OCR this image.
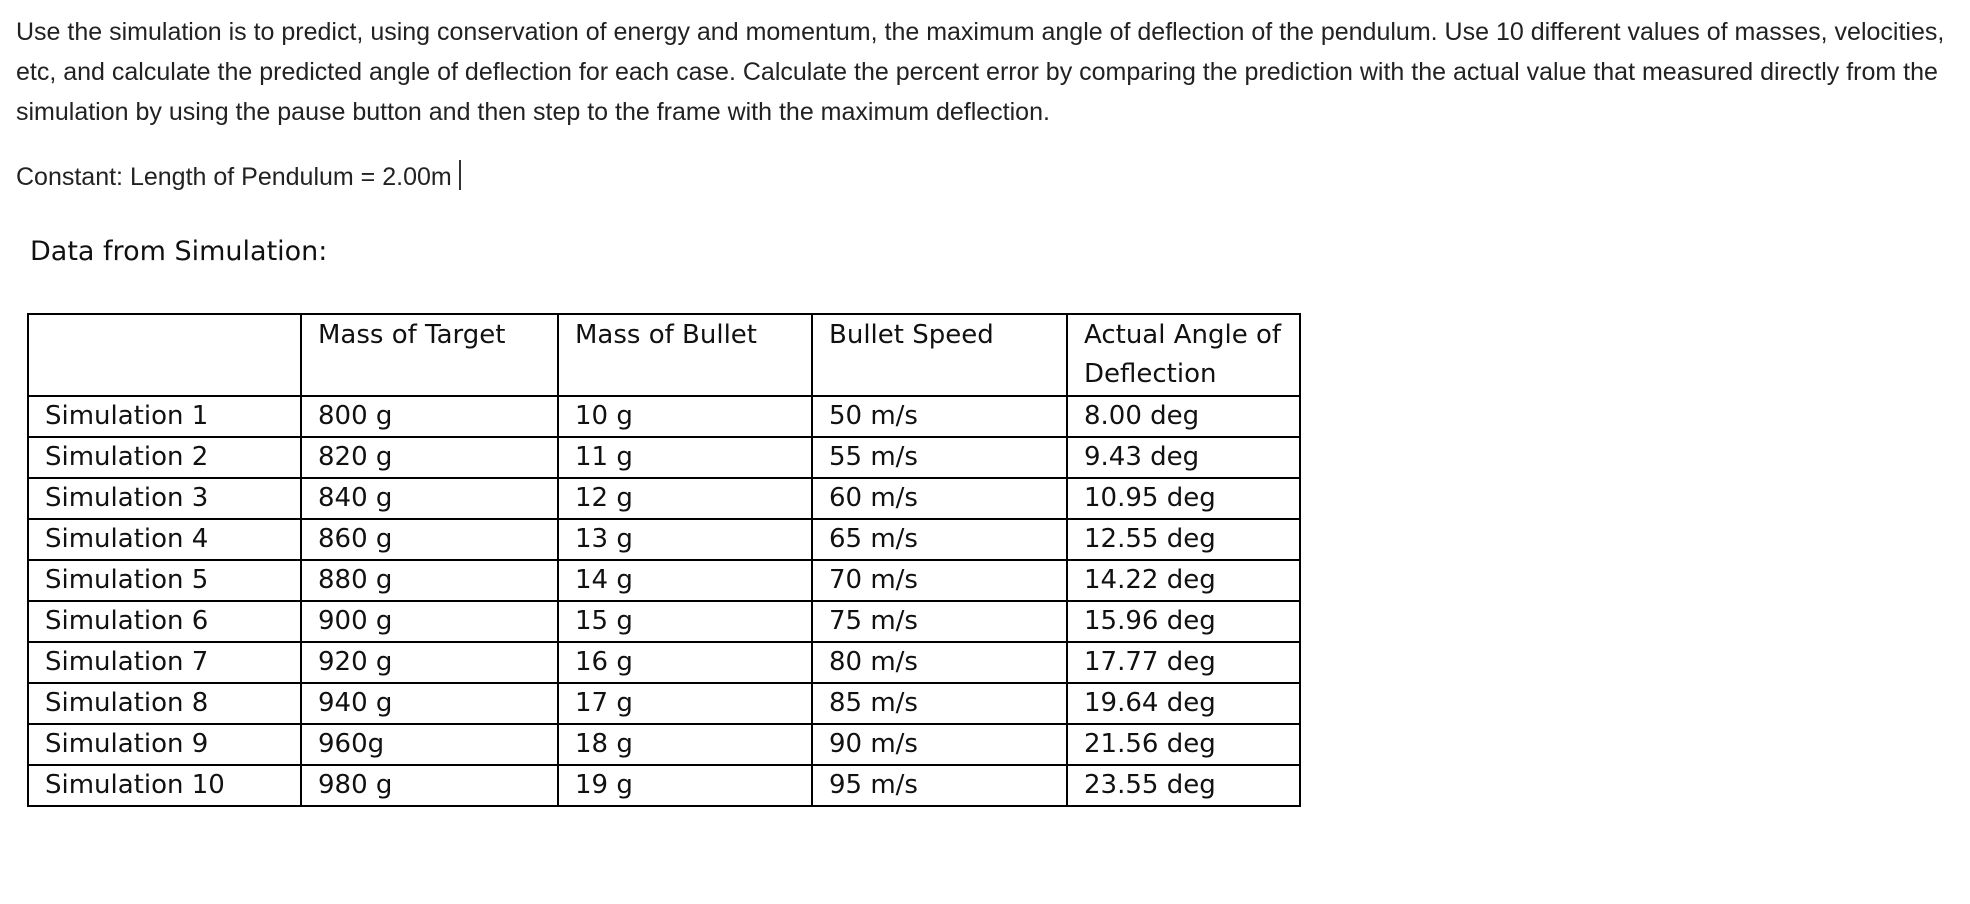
Use the simulation is to predict, using conservation of energy and momentum, the maximum angle of deflection of the pendulum. Use 10 different values of masses, velocities, etc, and calculate the predicted angle of deflection for each case. Calculate the percent error by comparing the prediction with the actual value that measured directly from the simulation by using the pause button and then step to the frame with the maximum deflection.

Constant: Length of Pendulum = 2.00m

Data from Simulation:

	Mass of Target	Mass of Bullet	Bullet Speed	Actual Angle of Deflection
Simulation 1	800 g	10 g	50 m/s	8.00 deg
Simulation 2	820 g	11 g	55 m/s	9.43 deg
Simulation 3	840 g	12 g	60 m/s	10.95 deg
Simulation 4	860 g	13 g	65 m/s	12.55 deg
Simulation 5	880 g	14 g	70 m/s	14.22 deg
Simulation 6	900 g	15 g	75 m/s	15.96 deg
Simulation 7	920 g	16 g	80 m/s	17.77 deg
Simulation 8	940 g	17 g	85 m/s	19.64 deg
Simulation 9	960g	18 g	90 m/s	21.56 deg
Simulation 10	980 g	19 g	95 m/s	23.55 deg
